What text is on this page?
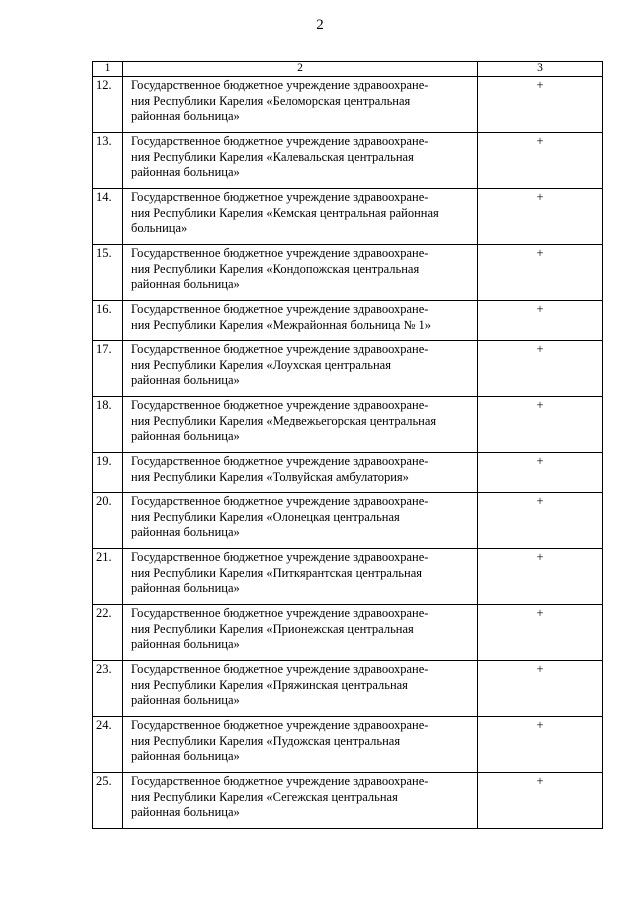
2
1	2	3
12.	Государственное бюджетное учреждение здравоохране-
ния Республики Карелия «Беломорская центральная
районная больница»	+
13.	Государственное бюджетное учреждение здравоохране-
ния Республики Карелия «Калевальская центральная
районная больница»	+
14.	Государственное бюджетное учреждение здравоохране-
ния Республики Карелия «Кемская центральная районная
больница»	+
15.	Государственное бюджетное учреждение здравоохране-
ния Республики Карелия «Кондопожская центральная
районная больница»	+
16.	Государственное бюджетное учреждение здравоохране-
ния Республики Карелия «Межрайонная больница № 1»	+
17.	Государственное бюджетное учреждение здравоохране-
ния Республики Карелия «Лоухская центральная
районная больница»	+
18.	Государственное бюджетное учреждение здравоохране-
ния Республики Карелия «Медвежьегорская центральная
районная больница»	+
19.	Государственное бюджетное учреждение здравоохране-
ния Республики Карелия «Толвуйская амбулатория»	+
20.	Государственное бюджетное учреждение здравоохране-
ния Республики Карелия «Олонецкая центральная
районная больница»	+
21.	Государственное бюджетное учреждение здравоохране-
ния Республики Карелия «Питкярантская центральная
районная больница»	+
22.	Государственное бюджетное учреждение здравоохране-
ния Республики Карелия «Прионежская центральная
районная больница»	+
23.	Государственное бюджетное учреждение здравоохране-
ния Республики Карелия «Пряжинская центральная
районная больница»	+
24.	Государственное бюджетное учреждение здравоохране-
ния Республики Карелия «Пудожская центральная
районная больница»	+
25.	Государственное бюджетное учреждение здравоохране-
ния Республики Карелия «Сегежская центральная
районная больница»	+
